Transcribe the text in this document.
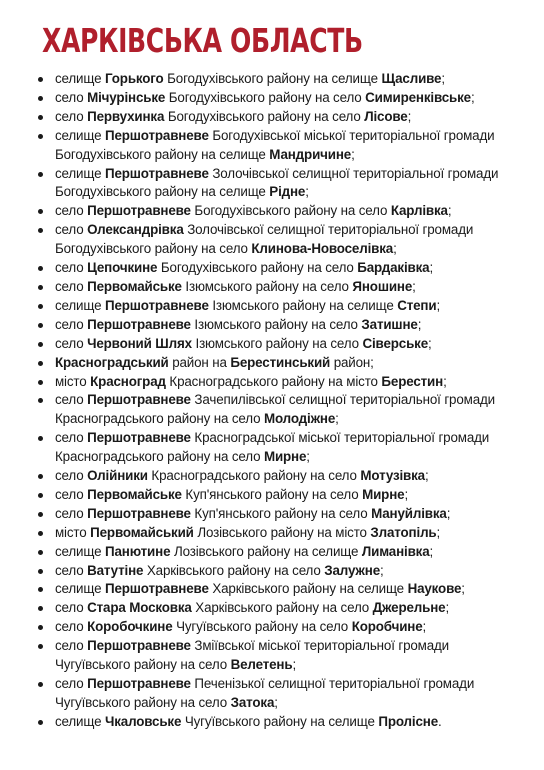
ХАРКІВСЬКА ОБЛАСТЬ
селище Горького Богодухівського району на селище Щасливе;
село Мічурінське Богодухівського району на село Симиренківське;
село Первухинка Богодухівського району на село Лісове;
селище Першотравневе Богодухівської міської територіальної громади Богодухівського району на селище Мандричине;
селище Першотравневе Золочівської селищної територіальної громади Богодухівського району на селище Рідне;
село Першотравневе Богодухівського району на село Карлівка;
село Олександрівка Золочівської селищної територіальної громади Богодухівського району на село Клинова-Новоселівка;
село Цепочкине Богодухівського району на село Бардаківка;
село Первомайське Ізюмського району на село Яношине;
селище Першотравневе Ізюмського району на селище Степи;
село Першотравневе Ізюмського району на село Затишне;
село Червоний Шлях Ізюмського району на село Сіверське;
Красноградський район на Берестинський район;
місто Красноград Красноградського району на місто Берестин;
село Першотравневе Зачепилівської селищної територіальної громади Красноградського району на село Молодіжне;
село Першотравневе Красноградської міської територіальної громади Красноградського району на село Мирне;
село Олійники Красноградського району на село Мотузівка;
село Первомайське Куп'янського району на село Мирне;
село Першотравневе Куп'янського району на село Мануйлівка;
місто Первомайський Лозівського району на місто Златопіль;
селище Панютине Лозівського району на селище Лиманівка;
село Ватутіне Харківського району на село Залужне;
селище Першотравневе Харківського району на селище Наукове;
село Стара Московка Харківського району на село Джерельне;
село Коробочкине Чугуївського району на село Коробчине;
село Першотравневе Зміївської міської територіальної громади Чугуївського району на село Велетень;
село Першотравневе Печенізької селищної територіальної громади Чугуївського району на село Затока;
селище Чкаловське Чугуївського району на селище Пролісне.
